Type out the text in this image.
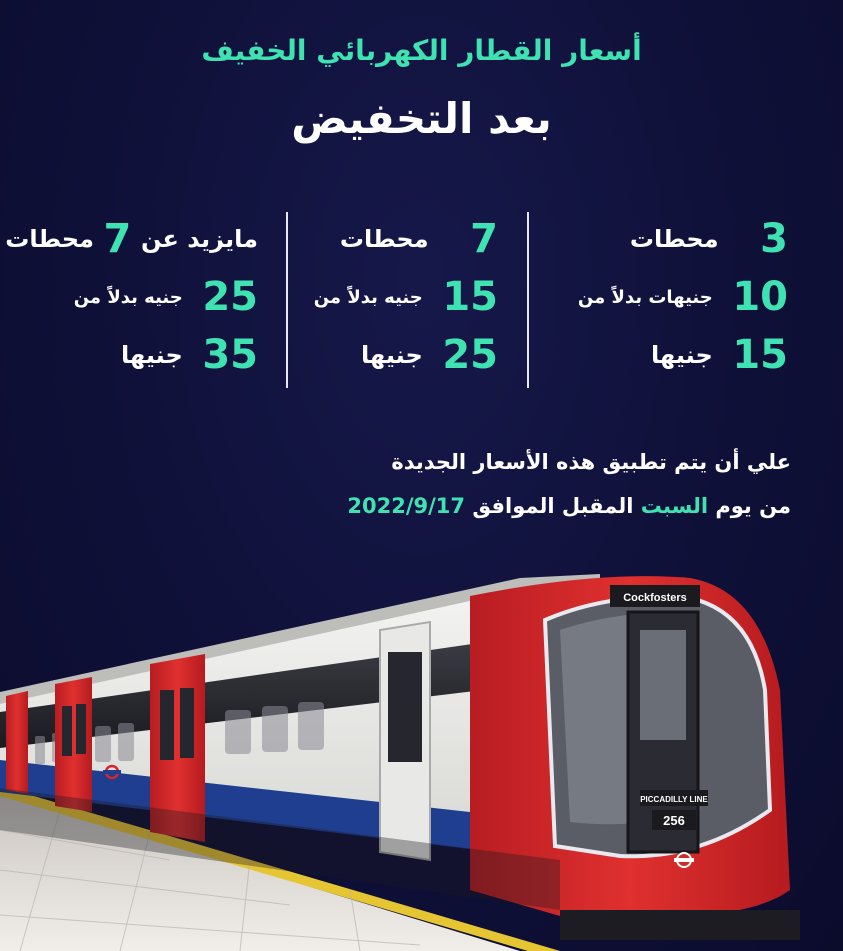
أسعار القطار الكهربائي الخفيف
بعد التخفيض
3 محطات
10 جنيهات بدلاً من
15 جنيها
7 محطات
15 جنيه بدلاً من
25 جنيها
مايزيد عن 7 محطات
25 جنيه بدلاً من
35 جنيها
علي أن يتم تطبيق هذه الأسعار الجديدة
من يوم السبت المقبل الموافق 2022/9/17
Cockfosters
PICCADILLY LINE
256
